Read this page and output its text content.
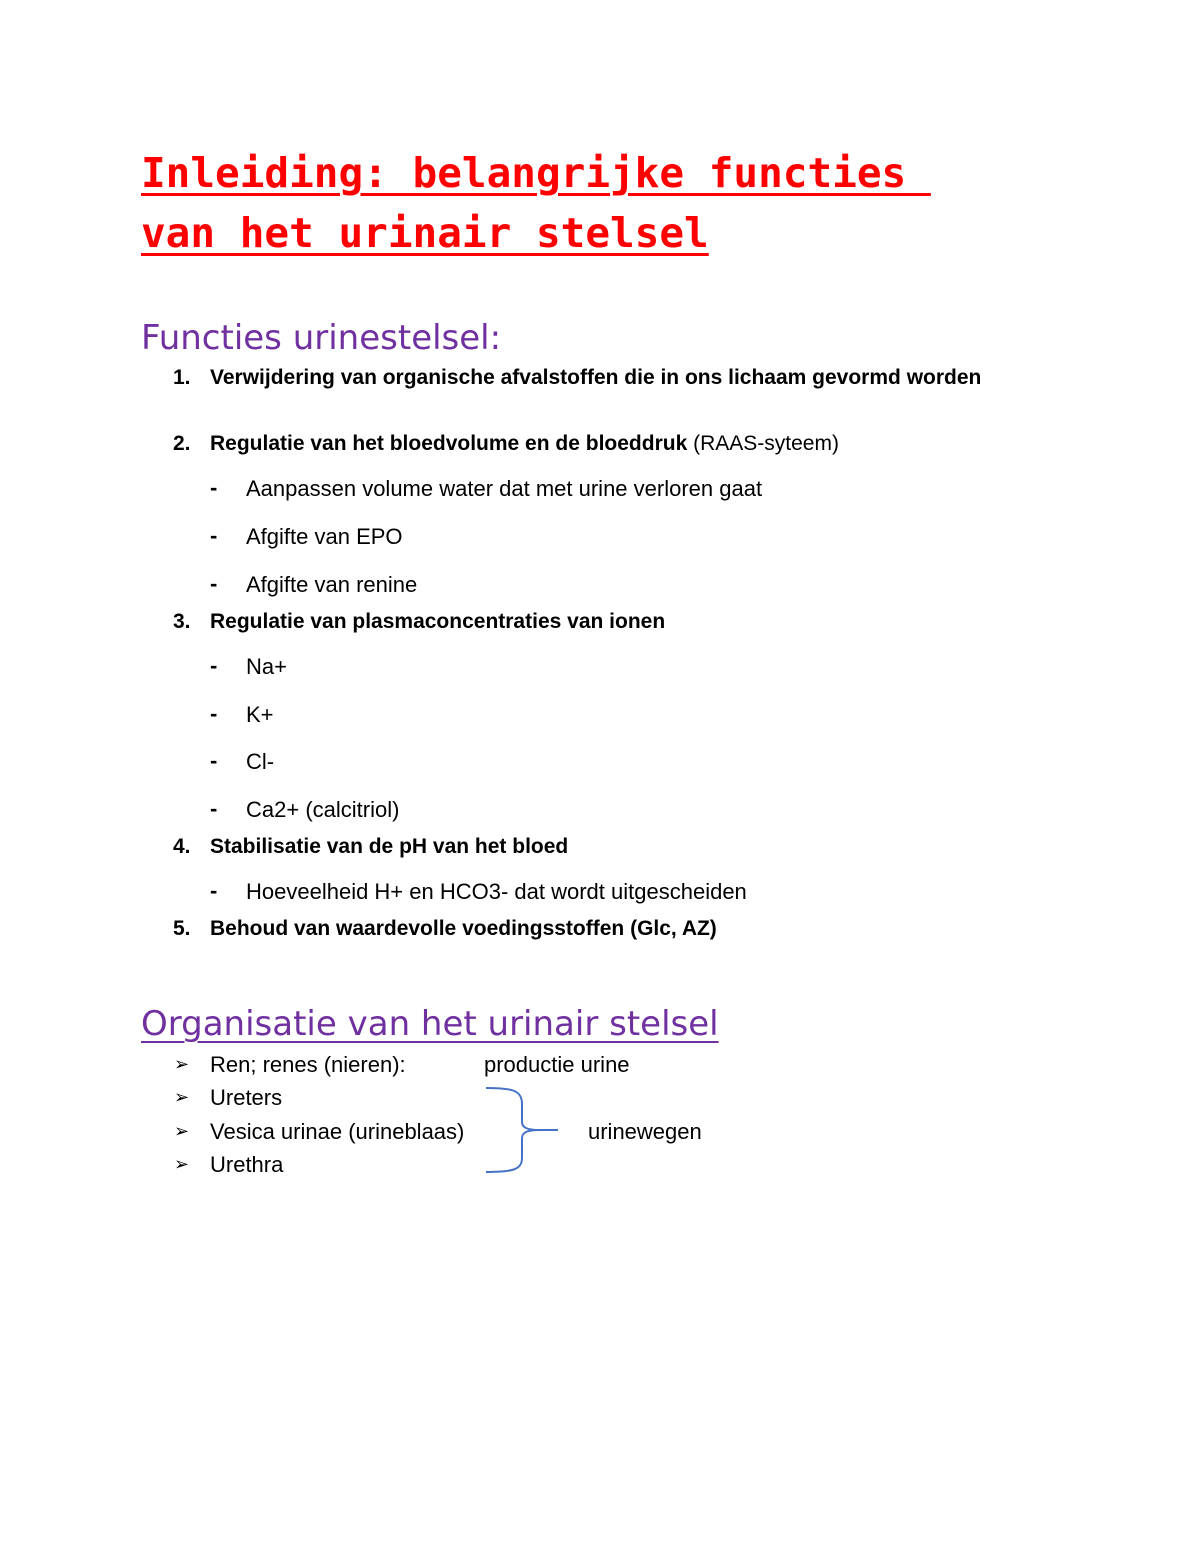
Inleiding: belangrijke functies
van het urinair stelsel
Functies urinestelsel:
1. Verwijdering van organische afvalstoffen die in ons lichaam gevormd worden
2. Regulatie van het bloedvolume en de bloeddruk (RAAS-syteem)
-	Aanpassen volume water dat met urine verloren gaat
-	Afgifte van EPO
-	Afgifte van renine
3. Regulatie van plasmaconcentraties van ionen
-	Na+
-	K+
-	Cl-
-	Ca2+ (calcitriol)
4. Stabilisatie van de pH van het bloed
-	Hoeveelheid H+ en HCO3- dat wordt uitgescheiden
5. Behoud van waardevolle voedingsstoffen (Glc, AZ)
Organisatie van het urinair stelsel
➢ Ren; renes (nieren):	productie urine
➢ Ureters
➢ Vesica urinae (urineblaas)
➢ Urethra
urinewegen
